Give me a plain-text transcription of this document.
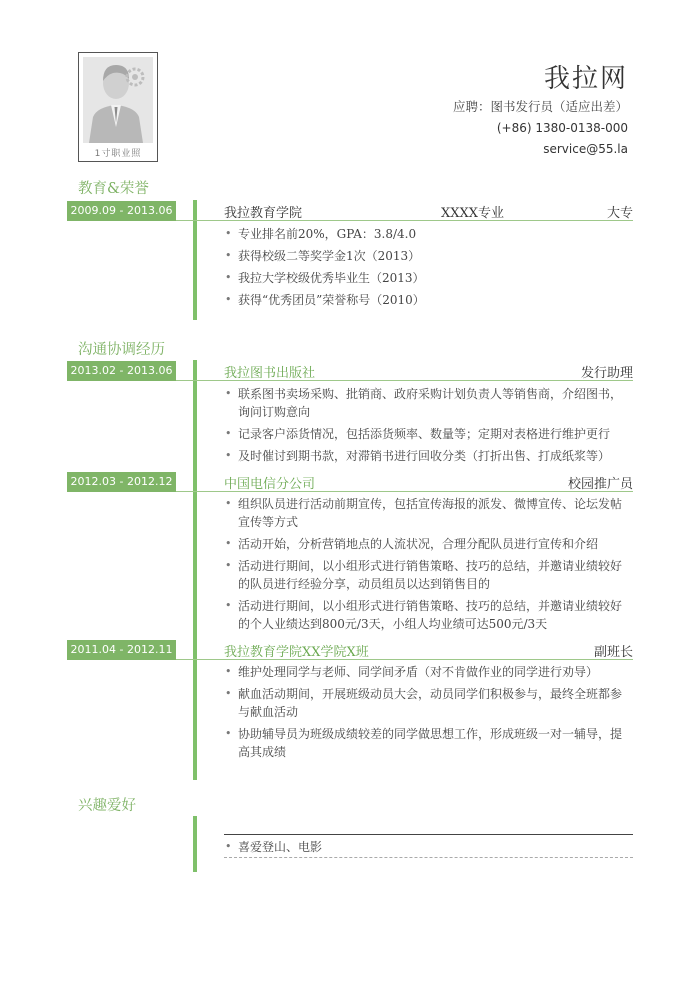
1寸职业照
我拉网
应聘：图书发行员（适应出差）
(+86) 1380-0138-000
service@55.la
教育&荣誉
2009.09 - 2013.06	我拉教育学院	XXXX专业	大专
• 专业排名前20%，GPA：3.8/4.0
• 获得校级二等奖学金1次（2013）
• 我拉大学校级优秀毕业生（2013）
• 获得“优秀团员”荣誉称号（2010）
沟通协调经历
2013.02 - 2013.06	我拉图书出版社	发行助理
• 联系图书卖场采购、批销商、政府采购计划负责人等销售商，介绍图书，询问订购意向
• 记录客户添货情况，包括添货频率、数量等；定期对表格进行维护更行
• 及时催讨到期书款，对滞销书进行回收分类（打折出售、打成纸浆等）
2012.03 - 2012.12	中国电信分公司	校园推广员
• 组织队员进行活动前期宣传，包括宣传海报的派发、微博宣传、论坛发帖宣传等方式
• 活动开始，分析营销地点的人流状况，合理分配队员进行宣传和介绍
• 活动进行期间，以小组形式进行销售策略、技巧的总结，并邀请业绩较好的队员进行经验分享，动员组员以达到销售目的
• 活动进行期间，以小组形式进行销售策略、技巧的总结，并邀请业绩较好的个人业绩达到800元/3天，小组人均业绩可达500元/3天
2011.04 - 2012.11	我拉教育学院XX学院X班	副班长
• 维护处理同学与老师、同学间矛盾（对不肯做作业的同学进行劝导）
• 献血活动期间，开展班级动员大会，动员同学们积极参与，最终全班都参与献血活动
• 协助辅导员为班级成绩较差的同学做思想工作，形成班级一对一辅导，提高其成绩
兴趣爱好
• 喜爱登山、电影
